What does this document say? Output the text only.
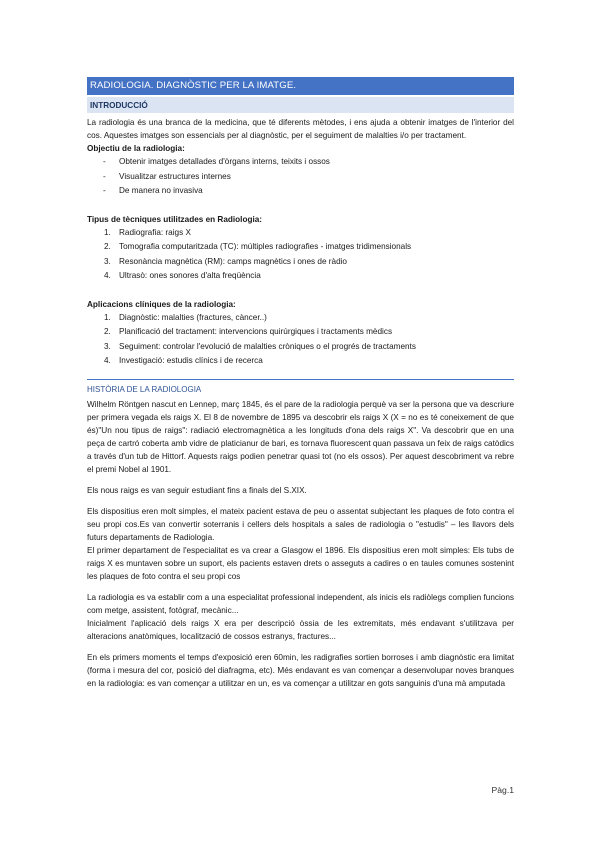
RADIOLOGIA. DIAGNÒSTIC PER LA IMATGE.
INTRODUCCIÓ

La radiologia és una branca de la medicina, que té diferents mètodes, i ens ajuda a obtenir imatges de l'interior del cos. Aquestes imatges son essencials per al diagnòstic, per el seguiment de malalties i/o per tractament.

Objectiu de la radiologia:

- Obtenir imatges detallades d'òrgans interns, teixits i ossos
- Visualitzar estructures internes
- De manera no invasiva

Tipus de tècniques utilitzades en Radiologia:

1. Radiografia: raigs X
2. Tomografia computaritzada (TC): múltiples radiografies - imatges tridimensionals
3. Resonància magnètica (RM): camps magnètics i ones de ràdio
4. Ultrasò: ones sonores d'alta freqüència

Aplicacions clíniques de la radiologia:

1. Diagnòstic: malalties (fractures, càncer..)
2. Planificació del tractament: intervencions quirúrgiques i tractaments mèdics
3. Seguiment: controlar l'evolució de malalties cròniques o el progrés de tractaments
4. Investigació: estudis clínics i de recerca
HISTÒRIA DE LA RADIOLOGIA

Wilhelm Röntgen nascut en Lennep, març 1845, és el pare de la radiologia perquè va ser la persona que va descriure per primera vegada els raigs X. El 8 de novembre de 1895 va descobrir els raigs X (X = no es té coneixement de que és)"Un nou tipus de raigs": radiació electromagnètica a les longituds d'ona dels raigs X". Va descobrir que en una peça de cartró coberta amb vidre de platicianur de bari, es tornava fluorescent quan passava un feix de raigs catòdics a través d'un tub de Hittorf. Aquests raigs podien penetrar quasi tot (no els ossos). Per aquest descobriment va rebre el premi Nobel al 1901.

Els nous raigs es van seguir estudiant fins a finals del S.XIX.

Els dispositius eren molt simples, el mateix pacient estava de peu o assentat subjectant les plaques de foto contra el seu propi cos.Es van convertir soterranis i cellers dels hospitals a sales de radiologia o "estudis" – les llavors dels futurs departaments de Radiologia.

El primer departament de l'especialitat es va crear a Glasgow el 1896. Els dispositius eren molt simples: Els tubs de raigs X es muntaven sobre un suport, els pacients estaven drets o asseguts a cadires o en taules comunes sostenint les plaques de foto contra el seu propi cos

La radiologia es va establir com a una especialitat professional independent, als inicis els radiòlegs complien funcions com metge, assistent, fotògraf, mecànic...

Inicialment l'aplicació dels raigs X era per descripció òssia de les extremitats, més endavant s'utilitzava per alteracions anatòmiques, localització de cossos estranys, fractures...

En els primers moments el temps d'exposició eren 60min, les radigrafies sortien borroses i amb diagnòstic era limitat (forma i mesura del cor, posició del diafragma, etc). Més endavant es van començar a desenvolupar noves branques en la radiologia: es van començar a utilitzar en un, es va començar a utilitzar en gots sanguinis d'una mà amputada

Pàg.1
